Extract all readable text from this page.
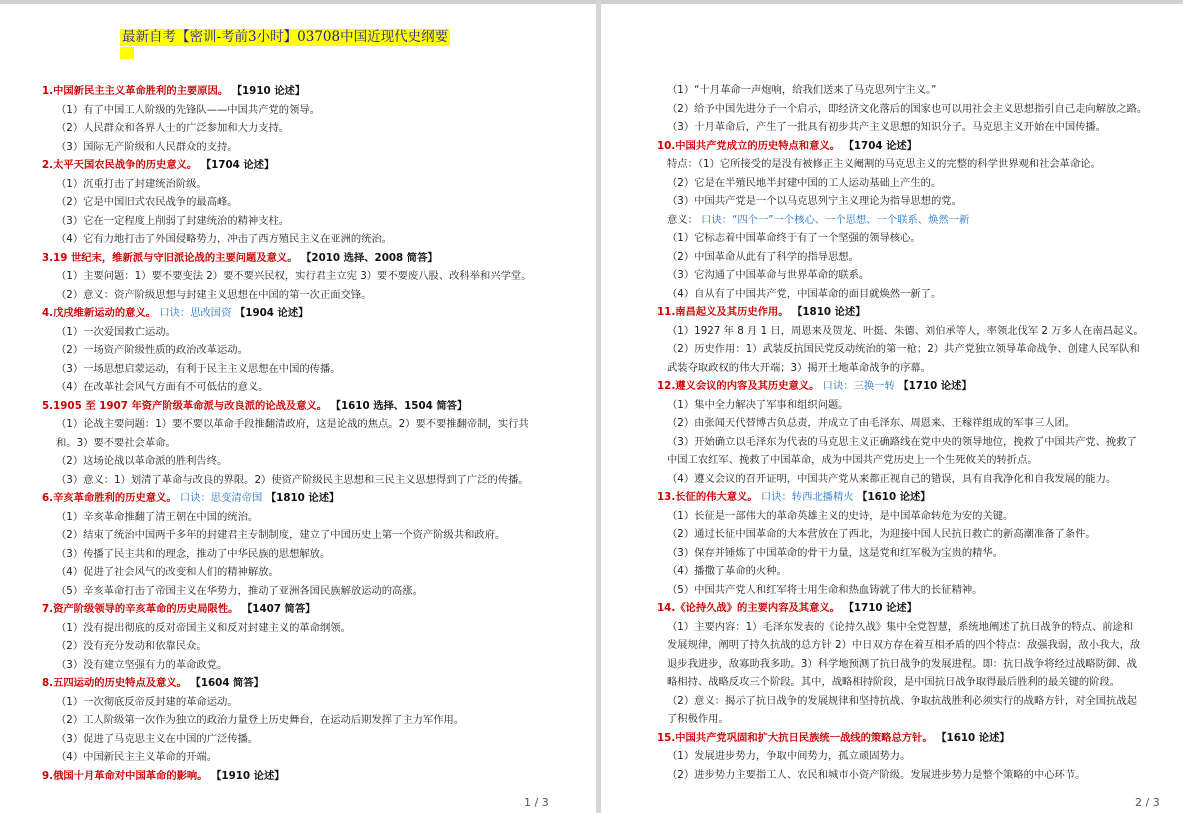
最新自考【密训-考前3小时】03708中国近现代史纲要
1.中国新民主主义革命胜利的主要原因。 【1910 论述】
（1）有了中国工人阶级的先锋队——中国共产党的领导。
（2）人民群众和各界人士的广泛参加和大力支持。
（3）国际无产阶级和人民群众的支持。
2.太平天国农民战争的历史意义。 【1704 论述】
（1）沉重打击了封建统治阶级。
（2）它是中国旧式农民战争的最高峰。
（3）它在一定程度上削弱了封建统治的精神支柱。
（4）它有力地打击了外国侵略势力，冲击了西方殖民主义在亚洲的统治。
3.19 世纪末，维新派与守旧派论战的主要问题及意义。 【2010 选择、2008 简答】
（1）主要问题：1）要不要变法 2）要不要兴民权，实行君主立宪 3）要不要废八股、改科举和兴学堂。
（2）意义：资产阶级思想与封建主义思想在中国的第一次正面交锋。
4.戊戌维新运动的意义。 口诀：思改国资 【1904 论述】
（1）一次爱国救亡运动。
（2）一场资产阶级性质的政治改革运动。
（3）一场思想启蒙运动，有利于民主主义思想在中国的传播。
（4）在改革社会风气方面有不可低估的意义。
5.1905 至 1907 年资产阶级革命派与改良派的论战及意义。 【1610 选择、1504 简答】
（1）论战主要问题：1）要不要以革命手段推翻清政府，这是论战的焦点。2）要不要推翻帝制，实行共
和。3）要不要社会革命。
（2）这场论战以革命派的胜利告终。
（3）意义：1）划清了革命与改良的界限。2）使资产阶级民主思想和三民主义思想得到了广泛的传播。
6.辛亥革命胜利的历史意义。 口诀：思变清帝国 【1810 论述】
（1）辛亥革命推翻了清王朝在中国的统治。
（2）结束了统治中国两千多年的封建君主专制制度，建立了中国历史上第一个资产阶级共和政府。
（3）传播了民主共和的理念，推动了中华民族的思想解放。
（4）促进了社会风气的改变和人们的精神解放。
（5）辛亥革命打击了帝国主义在华势力，推动了亚洲各国民族解放运动的高涨。
7.资产阶级领导的辛亥革命的历史局限性。 【1407 简答】
（1）没有提出彻底的反对帝国主义和反对封建主义的革命纲领。
（2）没有充分发动和依靠民众。
（3）没有建立坚强有力的革命政党。
8.五四运动的历史特点及意义。 【1604 简答】
（1）一次彻底反帝反封建的革命运动。
（2）工人阶级第一次作为独立的政治力量登上历史舞台，在运动后期发挥了主力军作用。
（3）促进了马克思主义在中国的广泛传播。
（4）中国新民主主义革命的开端。
9.俄国十月革命对中国革命的影响。 【1910 论述】
1 / 3
（1）“十月革命一声炮响，给我们送来了马克思列宁主义。”
（2）给予中国先进分子一个启示，即经济文化落后的国家也可以用社会主义思想指引自己走向解放之路。
（3）十月革命后，产生了一批具有初步共产主义思想的知识分子。马克思主义开始在中国传播。
10.中国共产党成立的历史特点和意义。 【1704 论述】
特点：（1）它所接受的是没有被修正主义阉割的马克思主义的完整的科学世界观和社会革命论。
（2）它是在半殖民地半封建中国的工人运动基础上产生的。
（3）中国共产党是一个以马克思列宁主义理论为指导思想的党。
意义： 口诀：“四个一”一个核心、一个思想、一个联系、焕然一新
（1）它标志着中国革命终于有了一个坚强的领导核心。
（2）中国革命从此有了科学的指导思想。
（3）它沟通了中国革命与世界革命的联系。
（4）自从有了中国共产党，中国革命的面目就焕然一新了。
11.南昌起义及其历史作用。 【1810 论述】
（1）1927 年 8 月 1 日，周恩来及贺龙、叶挺、朱德、刘伯承等人，率领北伐军 2 万多人在南昌起义。
（2）历史作用：1）武装反抗国民党反动统治的第一枪；2）共产党独立领导革命战争、创建人民军队和
武装夺取政权的伟大开端；3）揭开土地革命战争的序幕。
12.遵义会议的内容及其历史意义。 口诀：三换一转 【1710 论述】
（1）集中全力解决了军事和组织问题。
（2）由张闻天代替博古负总责，并成立了由毛泽东、周恩来、王稼祥组成的军事三人团。
（3）开始确立以毛泽东为代表的马克思主义正确路线在党中央的领导地位，挽救了中国共产党、挽救了
中国工农红军、挽救了中国革命，成为中国共产党历史上一个生死攸关的转折点。
（4）遵义会议的召开证明，中国共产党从来都正视自己的错误，具有自我净化和自我发展的能力。
13.长征的伟大意义。 口诀：转西北播精火 【1610 论述】
（1）长征是一部伟大的革命英雄主义的史诗，是中国革命转危为安的关键。
（2）通过长征中国革命的大本营放在了西北，为迎接中国人民抗日救亡的新高潮准备了条件。
（3）保存并锤炼了中国革命的骨干力量，这是党和红军极为宝贵的精华。
（4）播撒了革命的火种。
（5）中国共产党人和红军将士用生命和热血铸就了伟大的长征精神。
14.《论持久战》的主要内容及其意义。 【1710 论述】
（1）主要内容：1）毛泽东发表的《论持久战》集中全党智慧，系统地阐述了抗日战争的特点、前途和
发展规律，阐明了持久抗战的总方针 2）中日双方存在着互相矛盾的四个特点：敌强我弱，敌小我大，敌
退步我进步，敌寡助我多助。3）科学地预测了抗日战争的发展进程。即：抗日战争将经过战略防御、战
略相持、战略反攻三个阶段。其中，战略相持阶段，是中国抗日战争取得最后胜利的最关键的阶段。
（2）意义：揭示了抗日战争的发展规律和坚持抗战、争取抗战胜利必须实行的战略方针，对全国抗战起
了积极作用。
15.中国共产党巩固和扩大抗日民族统一战线的策略总方针。 【1610 论述】
（1）发展进步势力，争取中间势力，孤立顽固势力。
（2）进步势力主要指工人、农民和城市小资产阶级。发展进步势力是整个策略的中心环节。
2 / 3
